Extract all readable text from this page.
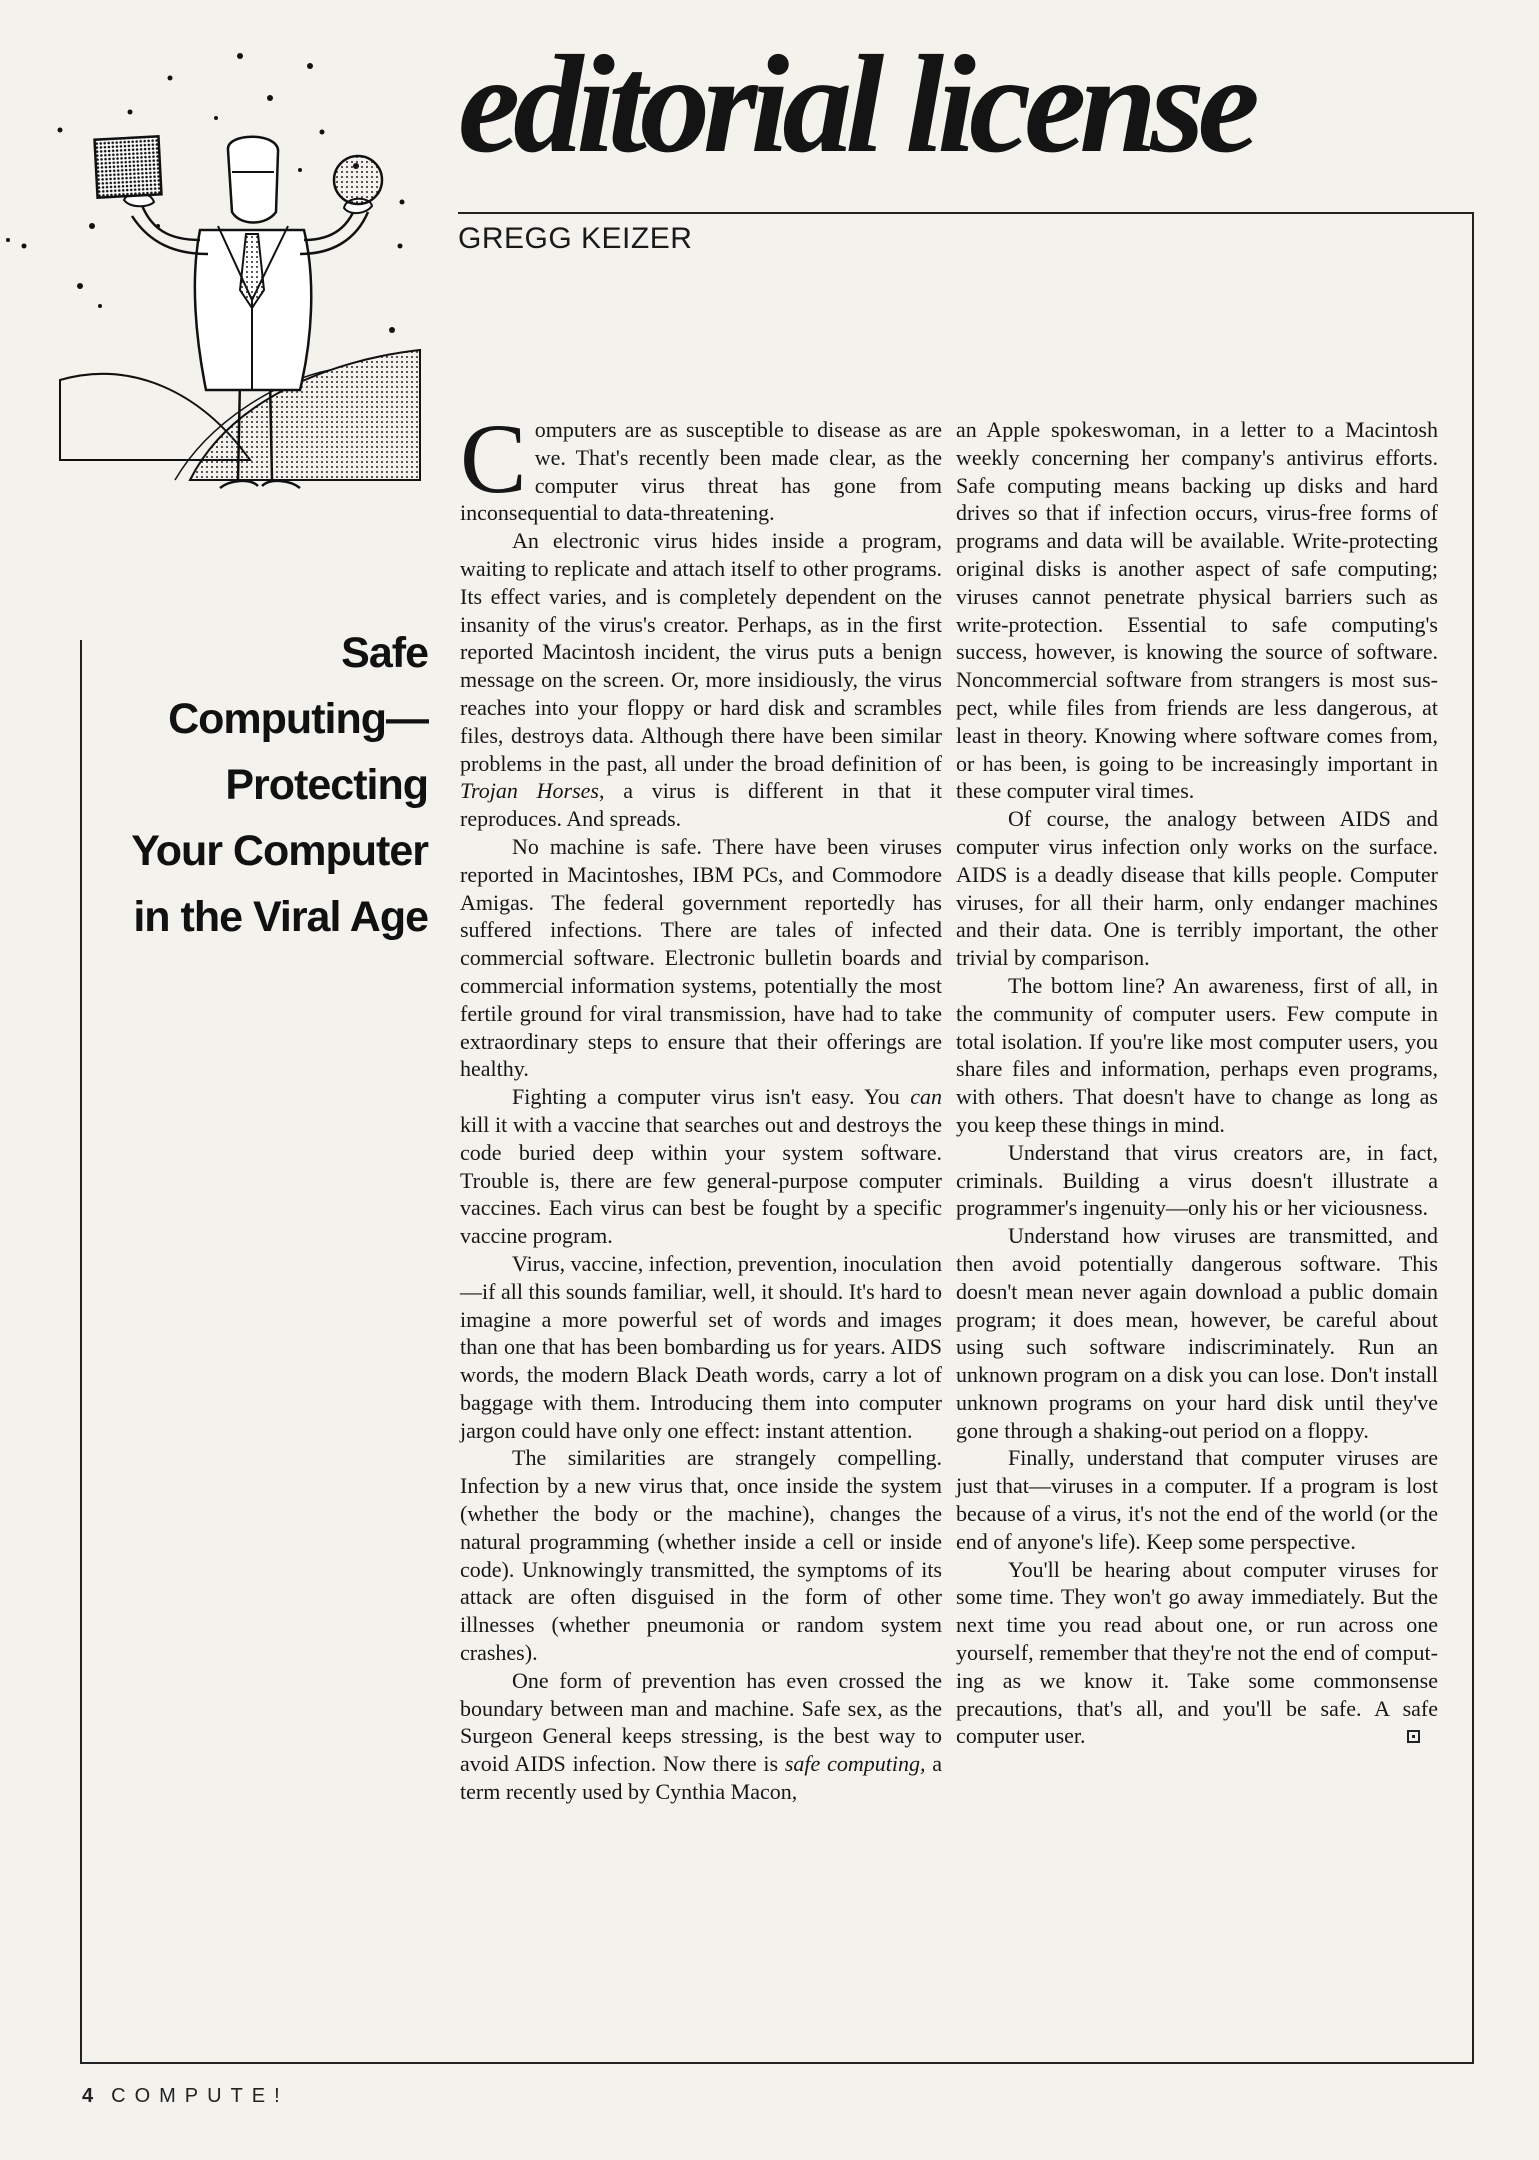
editorial license
GREGG KEIZER
Safe
Computing—
Protecting
Your Computer
in the Viral Age

Computers are as susceptible to disease as are we. That's recently been made clear, as the computer virus threat has gone from inconsequential to data-threatening.

An electronic virus hides inside a program, waiting to replicate and attach itself to other programs. Its effect varies, and is completely dependent on the insanity of the virus's creator. Perhaps, as in the first reported Macintosh incident, the virus puts a benign message on the screen. Or, more insidiously, the virus reaches into your floppy or hard disk and scrambles files, destroys data. Although there have been similar problems in the past, all under the broad definition of Trojan Horses, a virus is different in that it reproduces. And spreads.

No machine is safe. There have been viruses reported in Macintoshes, IBM PCs, and Commodore Amigas. The federal government reportedly has suffered infections. There are tales of infected commercial software. Electronic bulletin boards and commercial information systems, potentially the most fertile ground for viral transmission, have had to take extraordinary steps to ensure that their offerings are healthy.

Fighting a computer virus isn't easy. You can kill it with a vaccine that searches out and destroys the code buried deep within your system software. Trouble is, there are few general-purpose computer vaccines. Each virus can best be fought by a specific vaccine program.

Virus, vaccine, infection, prevention, inoculation—if all this sounds familiar, well, it should. It's hard to imagine a more powerful set of words and images than one that has been bombarding us for years. AIDS words, the modern Black Death words, carry a lot of baggage with them. Introducing them into computer jargon could have only one effect: instant attention.

The similarities are strangely compelling. Infection by a new virus that, once inside the system (whether the body or the machine), changes the natural programming (whether inside a cell or inside code). Unknowingly transmitted, the symptoms of its attack are often disguised in the form of other illnesses (whether pneumonia or random system crashes).

One form of prevention has even crossed the boundary between man and machine. Safe sex, as the Surgeon General keeps stressing, is the best way to avoid AIDS infection. Now there is safe computing, a term recently used by Cynthia Macon,

an Apple spokeswoman, in a letter to a Macintosh weekly concerning her company's antivirus efforts. Safe computing means backing up disks and hard drives so that if infection occurs, virus-free forms of programs and data will be available. Write-protecting original disks is another aspect of safe computing; viruses cannot penetrate physical barriers such as write-protection. Essential to safe computing's success, however, is knowing the source of software. Noncommercial software from strangers is most suspect, while files from friends are less dangerous, at least in theory. Knowing where software comes from, or has been, is going to be increasingly important in these computer viral times.

Of course, the analogy between AIDS and computer virus infection only works on the surface. AIDS is a deadly disease that kills people. Computer viruses, for all their harm, only endanger machines and their data. One is terribly important, the other trivial by comparison.

The bottom line? An awareness, first of all, in the community of computer users. Few compute in total isolation. If you're like most computer users, you share files and information, perhaps even programs, with others. That doesn't have to change as long as you keep these things in mind.

Understand that virus creators are, in fact, criminals. Building a virus doesn't illustrate a programmer's ingenuity—only his or her viciousness.

Understand how viruses are transmitted, and then avoid potentially dangerous software. This doesn't mean never again download a public domain program; it does mean, however, be careful about using such software indiscriminately. Run an unknown program on a disk you can lose. Don't install unknown programs on your hard disk until they've gone through a shaking-out period on a floppy.

Finally, understand that computer viruses are just that—viruses in a computer. If a program is lost because of a virus, it's not the end of the world (or the end of anyone's life). Keep some perspective.

You'll be hearing about computer viruses for some time. They won't go away immediately. But the next time you read about one, or run across one yourself, remember that they're not the end of computing as we know it. Take some commonsense precautions, that's all, and you'll be safe. A safe computer user.

4 COMPUTE!
